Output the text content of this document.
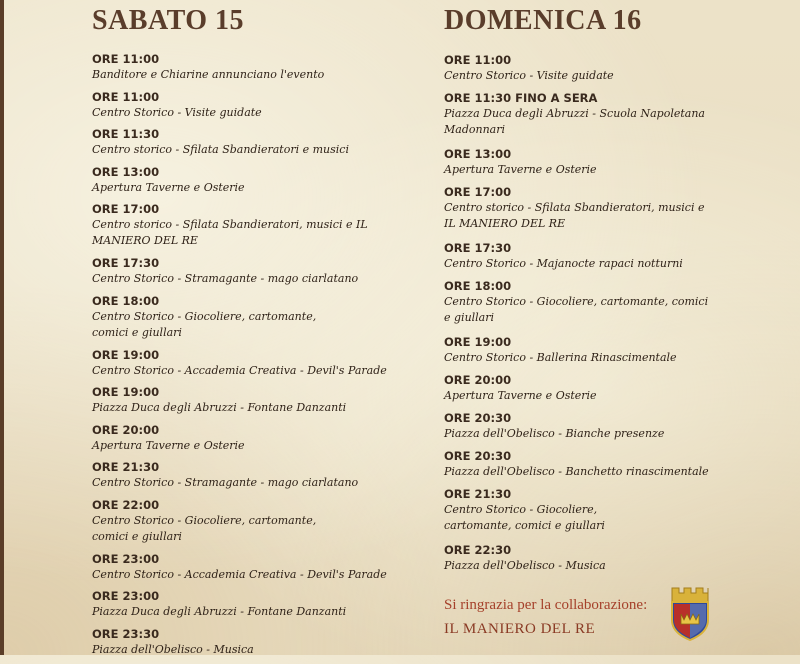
SABATO 15
ORE 11:00
Banditore e Chiarine annunciano l'evento
ORE 11:00
Centro Storico - Visite guidate
ORE 11:30
Centro storico - Sfilata Sbandieratori e musici
ORE 13:00
Apertura Taverne e Osterie
ORE 17:00
Centro storico - Sfilata Sbandieratori, musici e IL MANIERO DEL RE
ORE 17:30
Centro Storico - Stramagante - mago ciarlatano
ORE 18:00
Centro Storico - Giocoliere, cartomante, comici e giullari
ORE 19:00
Centro Storico - Accademia Creativa - Devil's Parade
ORE 19:00
Piazza Duca degli Abruzzi - Fontane Danzanti
ORE 20:00
Apertura Taverne e Osterie
ORE 21:30
Centro Storico - Stramagante - mago ciarlatano
ORE 22:00
Centro Storico - Giocoliere, cartomante, comici e giullari
ORE 23:00
Centro Storico - Accademia Creativa - Devil's Parade
ORE 23:00
Piazza Duca degli Abruzzi - Fontane Danzanti
ORE 23:30
Piazza dell'Obelisco - Musica
DOMENICA 16
ORE 11:00
Centro Storico - Visite guidate
ORE 11:30 FINO A SERA
Piazza Duca degli Abruzzi - Scuola Napoletana Madonnari
ORE 13:00
Apertura Taverne e Osterie
ORE 17:00
Centro storico - Sfilata Sbandieratori, musici e IL MANIERO DEL RE
ORE 17:30
Centro Storico - Majanocte rapaci notturni
ORE 18:00
Centro Storico - Giocoliere, cartomante, comici e giullari
ORE 19:00
Centro Storico - Ballerina Rinascimentale
ORE 20:00
Apertura Taverne e Osterie
ORE 20:30
Piazza dell'Obelisco - Bianche presenze
ORE 20:30
Piazza dell'Obelisco - Banchetto rinascimentale
ORE 21:30
Centro Storico - Giocoliere, cartomante, comici e giullari
ORE 22:30
Piazza dell'Obelisco - Musica
Si ringrazia per la collaborazione:
IL MANIERO DEL RE
